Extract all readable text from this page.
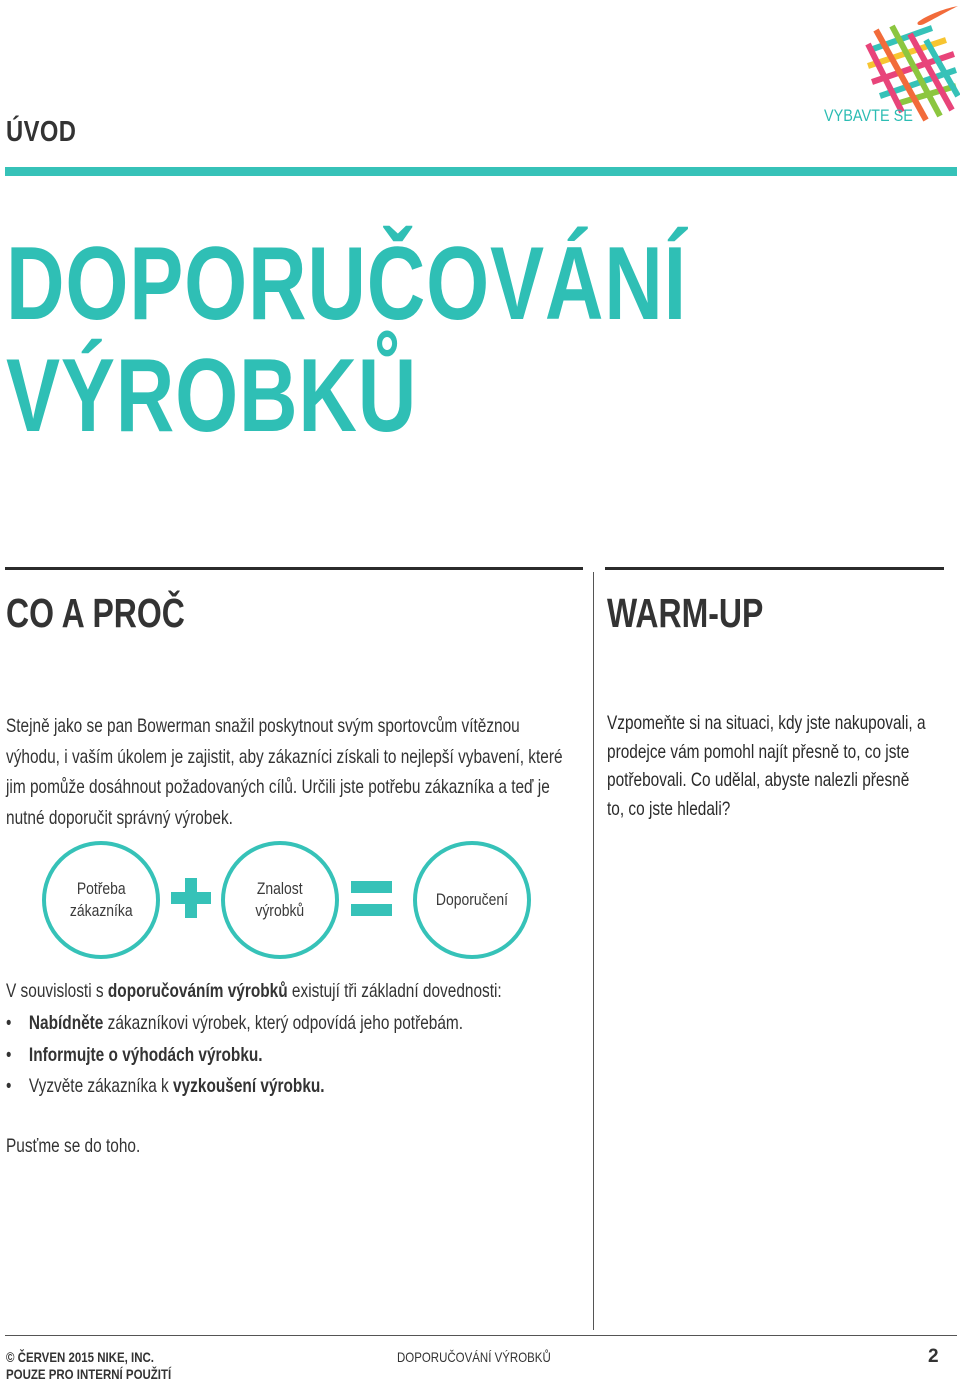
ÚVOD
VYBAVTE SE
DOPORUČOVÁNÍ
VÝROBKŮ
CO A PROČ
Stejně jako se pan Bowerman snažil poskytnout svým sportovcům vítěznou výhodu, i vaším úkolem je zajistit, aby zákazníci získali to nejlepší vybavení, které jim pomůže dosáhnout požadovaných cílů. Určili jste potřebu zákazníka a teď je nutné doporučit správný výrobek.
Potřeba
zákazníka
Znalost
výrobků
Doporučení
V souvislosti s doporučováním výrobků existují tři základní dovednosti:
• Nabídněte zákazníkovi výrobek, který odpovídá jeho potřebám.
• Informujte o výhodách výrobku.
• Vyzvěte zákazníka k vyzkoušení výrobku.
Pusťme se do toho.
WARM-UP
Vzpomeňte si na situaci, kdy jste nakupovali, a prodejce vám pomohl najít přesně to, co jste potřebovali. Co udělal, abyste nalezli přesně to, co jste hledali?
© ČERVEN 2015 NIKE, INC.
POUZE PRO INTERNÍ POUŽITÍ
DOPORUČOVÁNÍ VÝROBKŮ	2
